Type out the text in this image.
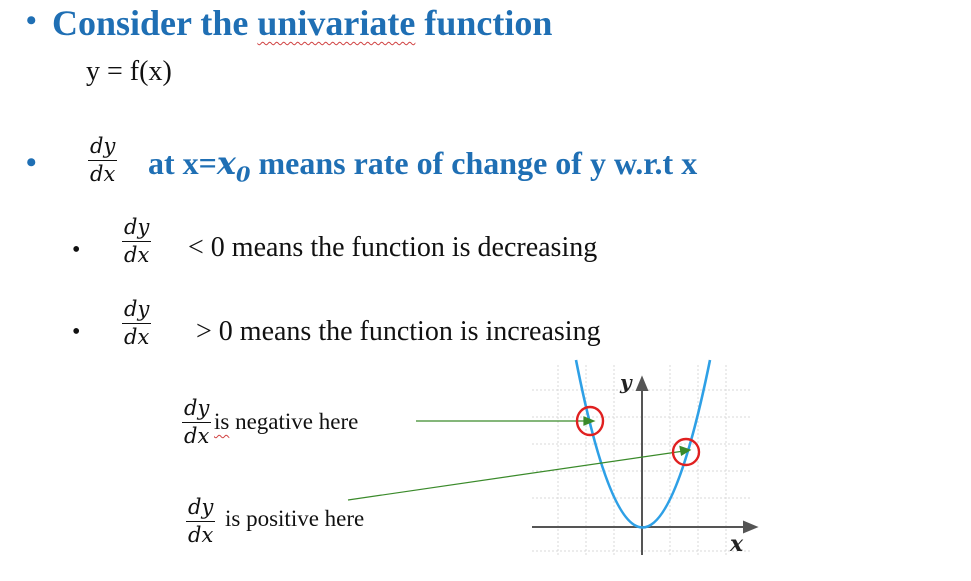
• Consider the univariate function
y = f(x)
• $\frac{dy}{dx}$ at $x=x_0$ means rate of change of y w.r.t x
• $\frac{dy}{dx} < 0$ means the function is decreasing
• $\frac{dy}{dx} > 0$ means the function is increasing
$\frac{dy}{dx}$ is negative here
$\frac{dy}{dx}$ is positive here
x
y
